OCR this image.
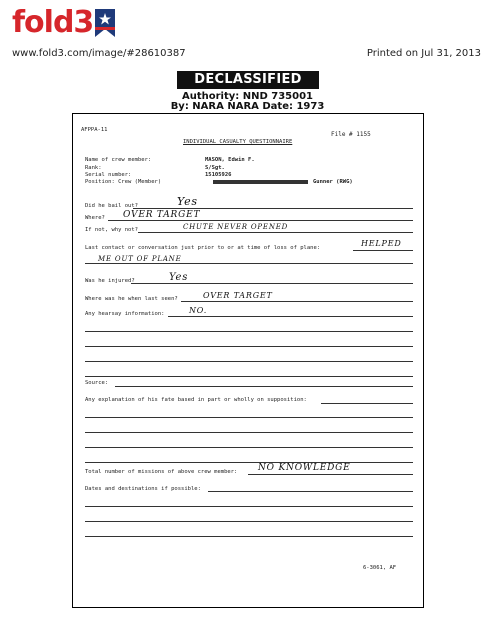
fold3
www.fold3.com/image/#28610387	Printed on Jul 31, 2013
DECLASSIFIED
Authority: NND 735001
By: NARA NARA Date: 1973
AFPPA-11
File # 1155
INDIVIDUAL CASUALTY QUESTIONNAIRE
Name of crew member:	MASON, Edwin F.
Rank:	S/Sgt.
Serial number:	15105926
Position: Crew (Member)	Gunner (RWG)
Did he bail out?	Yes
Where? OVER TARGET
If not, why not?	CHUTE NEVER OPENED
Last contact or conversation just prior to or at time of loss of plane:	HELPED
ME OUT OF PLANE
Was he injured?	Yes
Where was he when last seen?	OVER TARGET
Any hearsay information:	NO.
Source:
Any explanation of his fate based in part or wholly on supposition:
Total number of missions of above crew member: NO KNOWLEDGE
Dates and destinations if possible:
6-3061, AF
